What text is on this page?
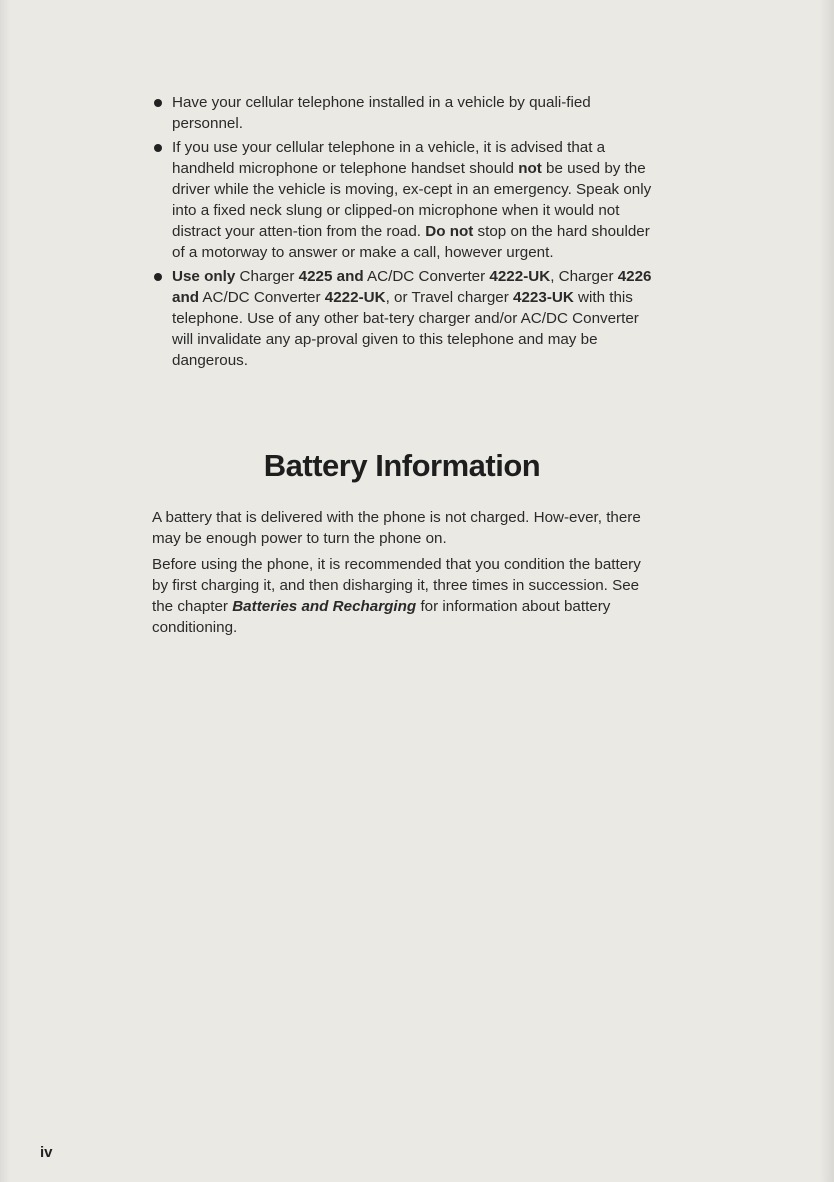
Have your cellular telephone installed in a vehicle by quali-fied personnel.
If you use your cellular telephone in a vehicle, it is advised that a handheld microphone or telephone handset should not be used by the driver while the vehicle is moving, ex-cept in an emergency. Speak only into a fixed neck slung or clipped-on microphone when it would not distract your atten-tion from the road. Do not stop on the hard shoulder of a motorway to answer or make a call, however urgent.
Use only Charger 4225 and AC/DC Converter 4222-UK, Charger 4226 and AC/DC Converter 4222-UK, or Travel charger 4223-UK with this telephone. Use of any other bat-tery charger and/or AC/DC Converter will invalidate any ap-proval given to this telephone and may be dangerous.
Battery Information

A battery that is delivered with the phone is not charged. How-ever, there may be enough power to turn the phone on.

Before using the phone, it is recommended that you condition the battery by first charging it, and then disharging it, three times in succession. See the chapter Batteries and Recharging for information about battery conditioning.

iv
